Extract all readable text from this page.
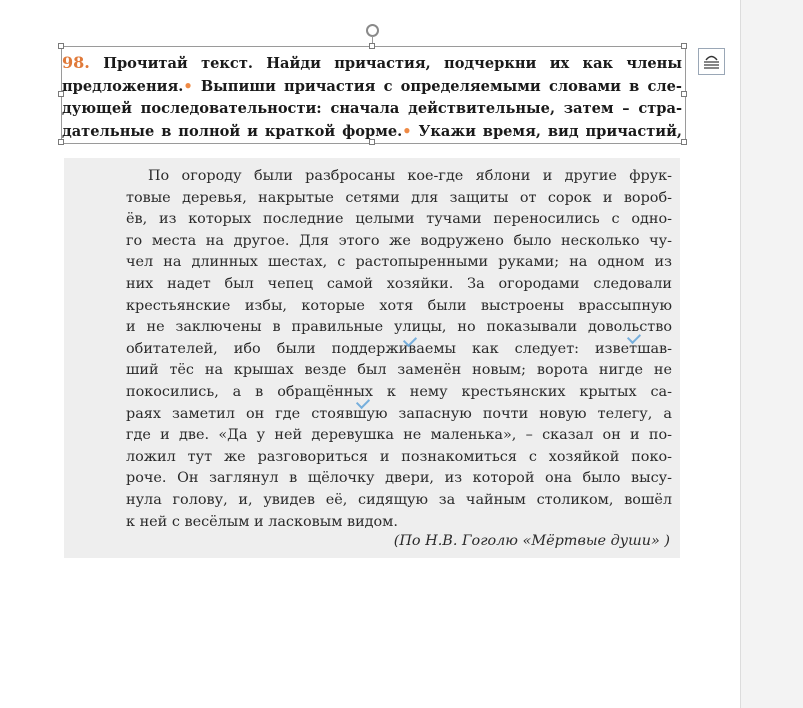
98. Прочитай текст. Найди причастия, подчеркни их как члены
предложения.• Выпиши причастия с определяемыми словами в сле-
дующей последовательности: сначала действительные, затем – стра-
дательные в полной и краткой форме.• Укажи время, вид причастий,
По огороду были разбросаны кое-где яблони и другие фрук-
товые деревья, накрытые сетями для защиты от сорок и вороб-
ёв, из которых последние целыми тучами переносились с одно-
го места на другое. Для этого же водружено было несколько чу-
чел на длинных шестах, с растопыренными руками; на одном из
них надет был чепец самой хозяйки. За огородами следовали
крестьянские избы, которые хотя были выстроены врассыпную
и не заключены в правильные улицы, но показывали довольство
обитателей, ибо были поддерживаемы как следует: изветшав-
ший тёс на крышах везде был заменён новым; ворота нигде не
покосились, а в обращённых к нему крестьянских крытых са-
раях заметил он где стоявшую запасную почти новую телегу, а
где и две. «Да у ней деревушка не маленька», – сказал он и по-
ложил тут же разговориться и познакомиться с хозяйкой поко-
роче. Он заглянул в щёлочку двери, из которой она было высу-
нула голову, и, увидев её, сидящую за чайным столиком, вошёл
к ней с весёлым и ласковым видом.
(По Н.В. Гоголю «Мёртвые души» )
